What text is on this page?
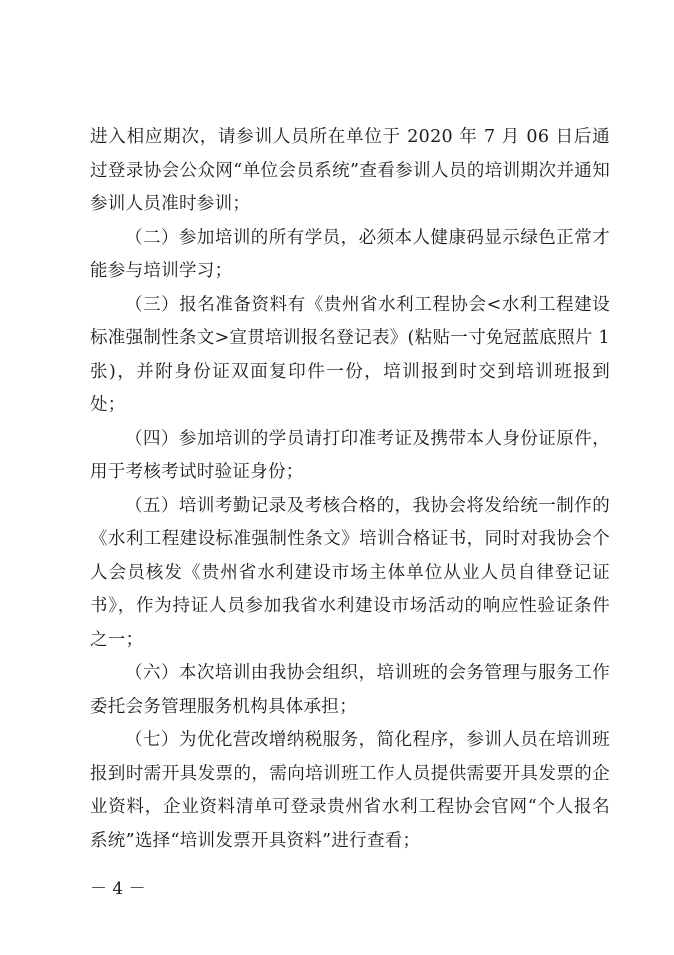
进入相应期次，请参训人员所在单位于 2020 年 7 月 06 日后通过登录协会公众网“单位会员系统”查看参训人员的培训期次并通知参训人员准时参训；

（二）参加培训的所有学员，必须本人健康码显示绿色正常才能参与培训学习；

（三）报名准备资料有《贵州省水利工程协会<水利工程建设标准强制性条文>宣贯培训报名登记表》(粘贴一寸免冠蓝底照片 1 张)，并附身份证双面复印件一份，培训报到时交到培训班报到处；

（四）参加培训的学员请打印准考证及携带本人身份证原件，用于考核考试时验证身份；

（五）培训考勤记录及考核合格的，我协会将发给统一制作的《水利工程建设标准强制性条文》培训合格证书，同时对我协会个人会员核发《贵州省水利建设市场主体单位从业人员自律登记证书》，作为持证人员参加我省水利建设市场活动的响应性验证条件之一；

（六）本次培训由我协会组织，培训班的会务管理与服务工作委托会务管理服务机构具体承担；

（七）为优化营改增纳税服务，简化程序，参训人员在培训班报到时需开具发票的，需向培训班工作人员提供需要开具发票的企业资料，企业资料清单可登录贵州省水利工程协会官网“个人报名系统”选择“培训发票开具资料”进行查看；

－ 4 －
